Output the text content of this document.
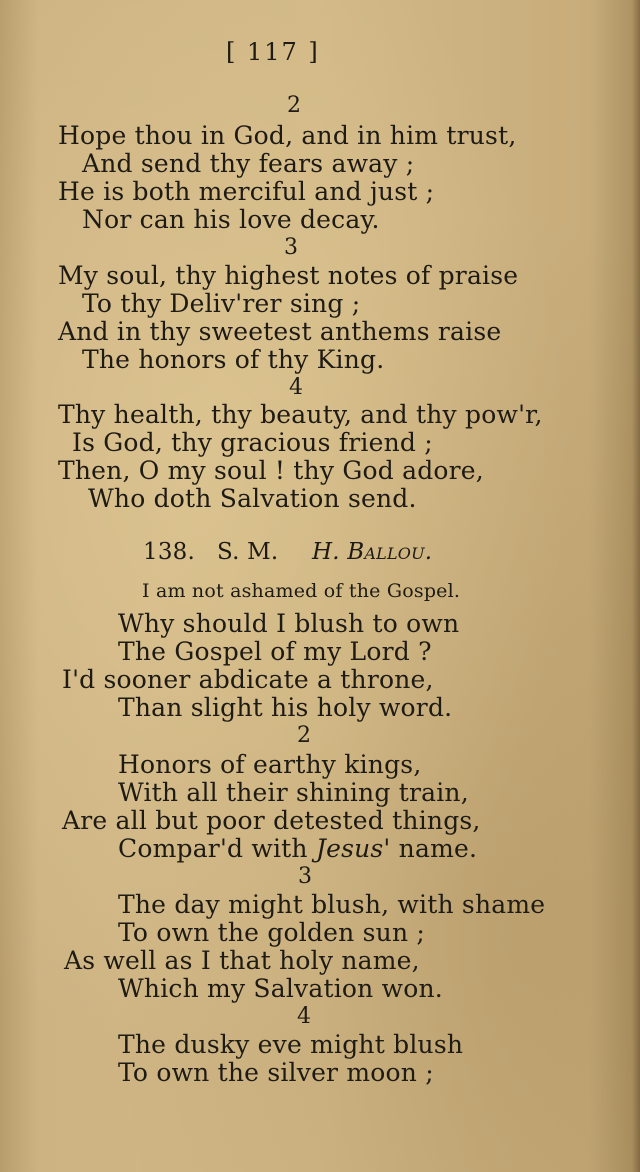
[ 117 ]
2
Hope thou in God, and in him trust,
And send thy fears away ;
He is both merciful and just ;
Nor can his love decay.
3
My soul, thy highest notes of praise
To thy Deliv'rer sing ;
And in thy sweetest anthems raise
The honors of thy King.
4
Thy health, thy beauty, and thy pow'r,
Is God, thy gracious friend ;
Then, O my soul ! thy God adore,
Who doth Salvation send.
138. S. M. H. Ballou.
I am not ashamed of the Gospel.
Why should I blush to own
The Gospel of my Lord ?
I'd sooner abdicate a throne,
Than slight his holy word.
2
Honors of earthy kings,
With all their shining train,
Are all but poor detested things,
Compar'd with Jesus' name.
3
The day might blush, with shame
To own the golden sun ;
As well as I that holy name,
Which my Salvation won.
4
The dusky eve might blush
To own the silver moon ;
